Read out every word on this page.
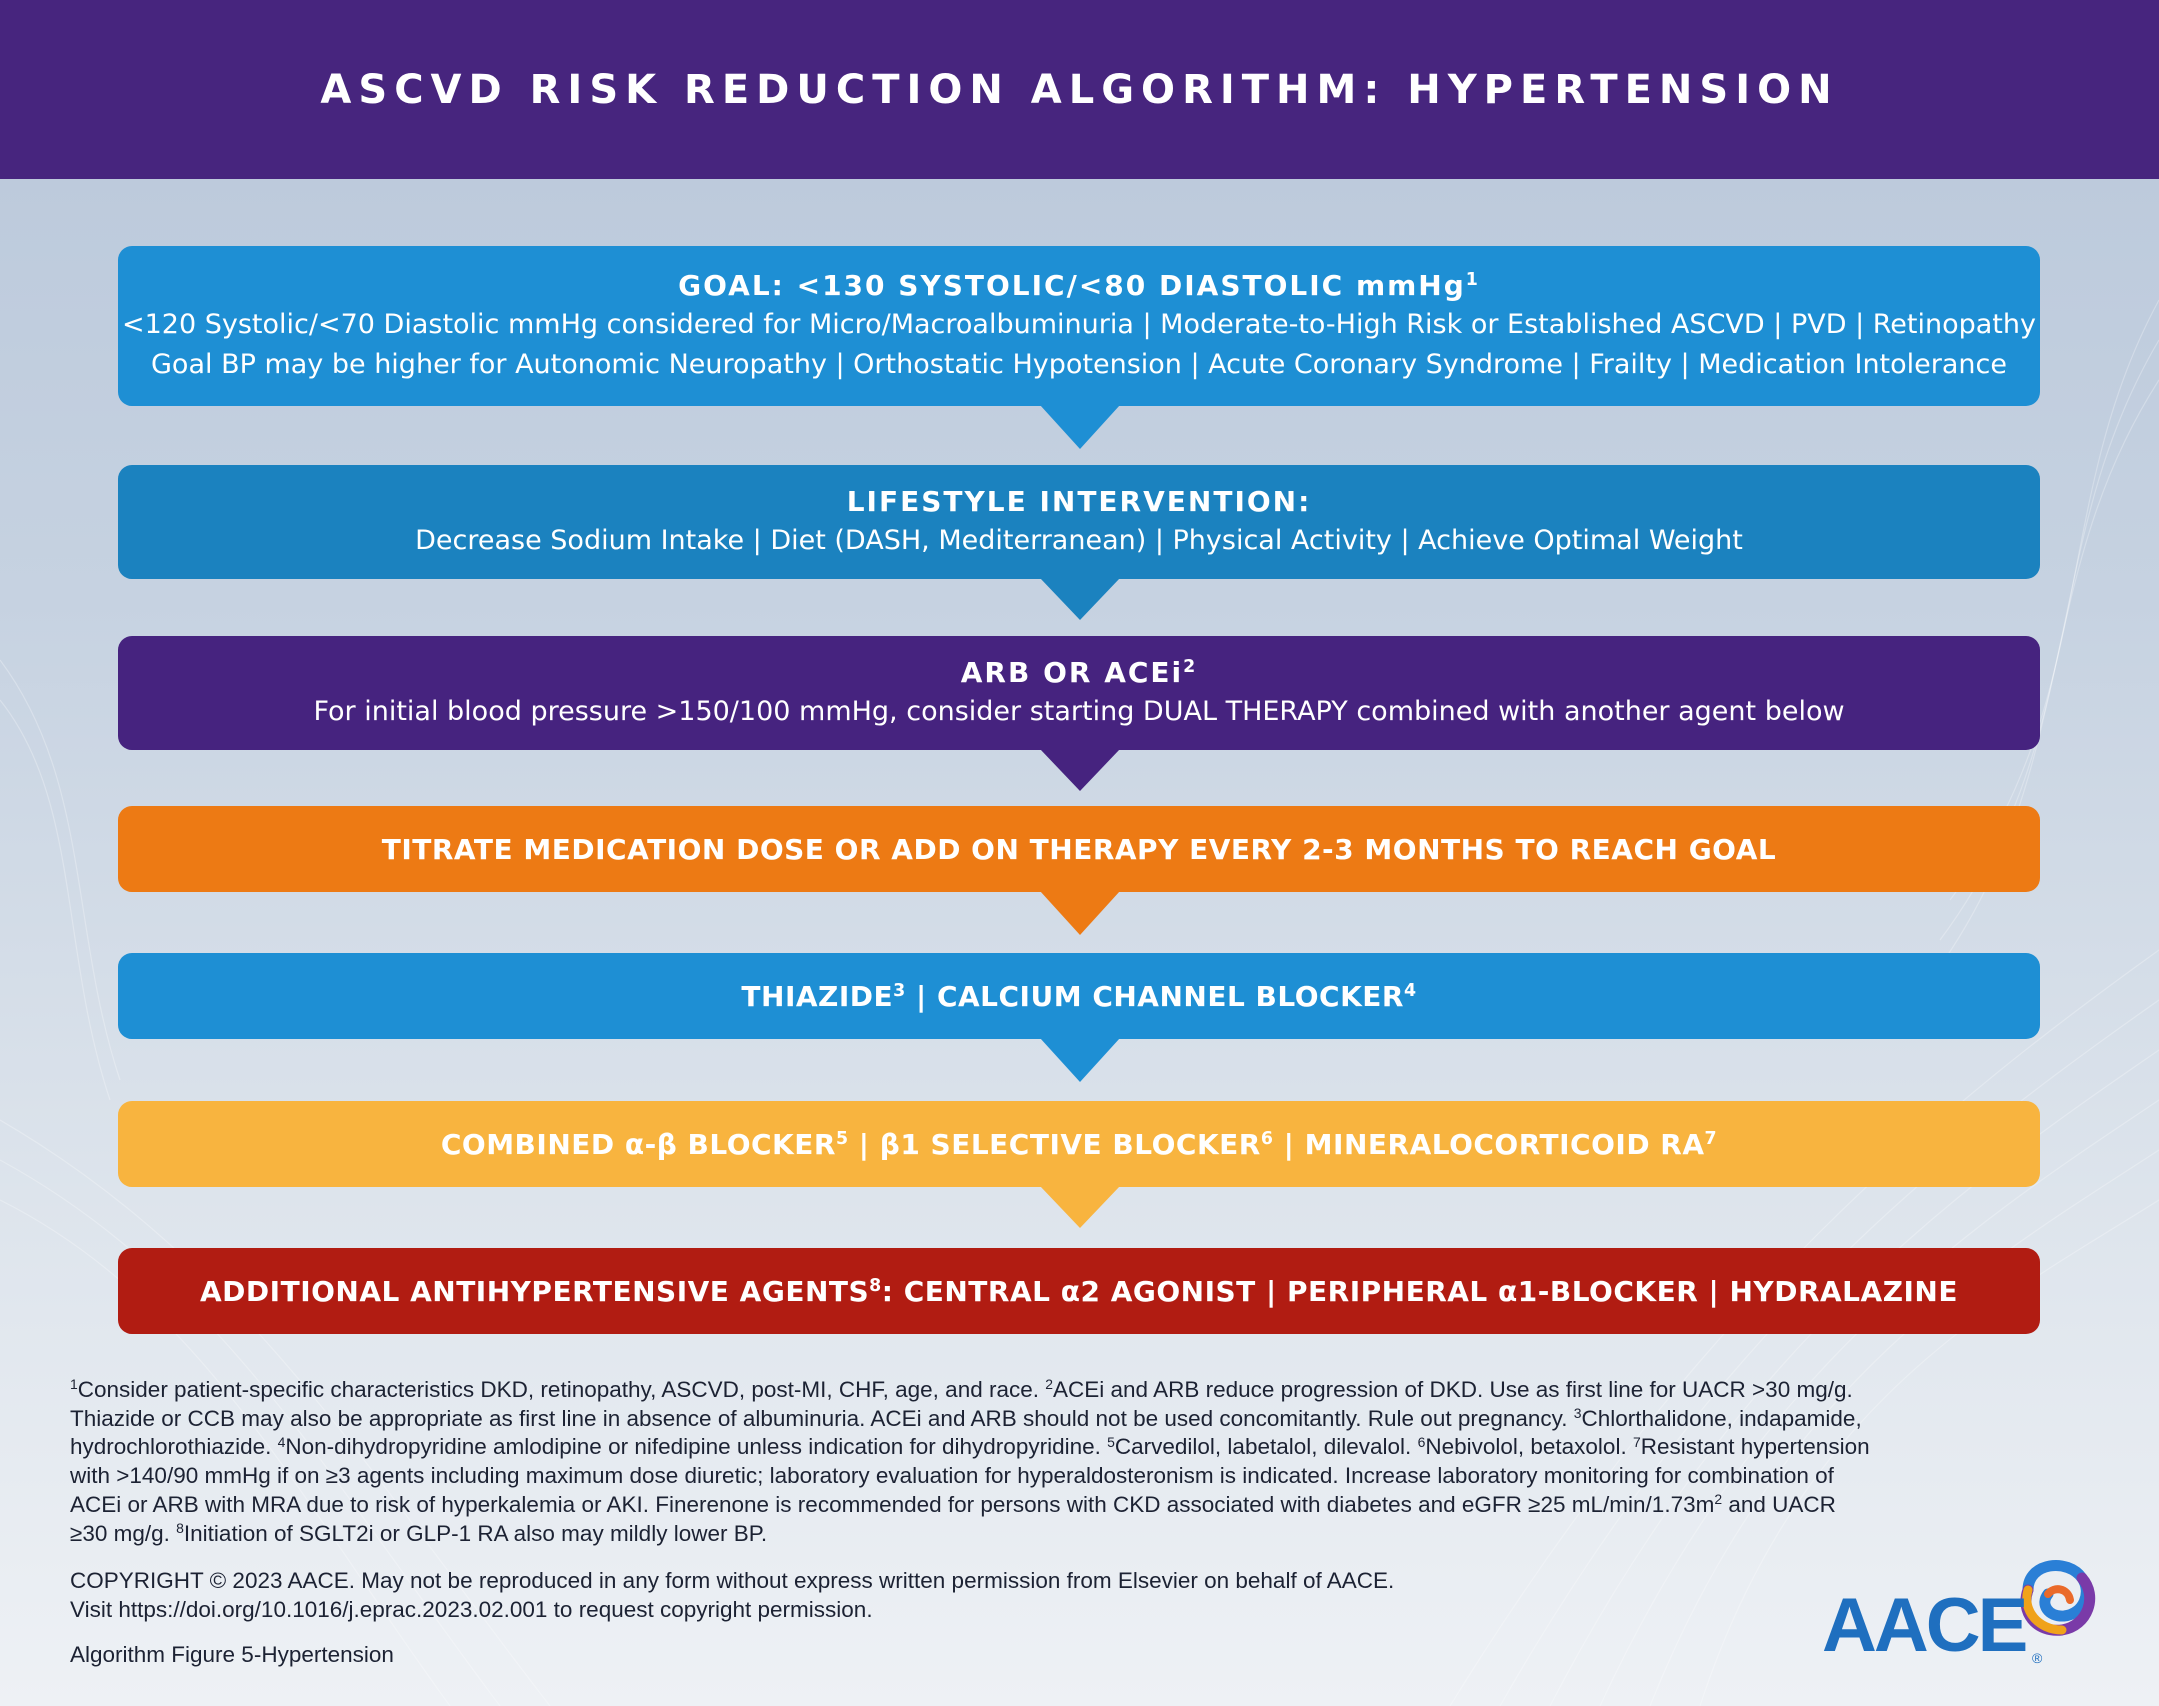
ASCVD RISK REDUCTION ALGORITHM: HYPERTENSION
GOAL: <130 SYSTOLIC/<80 DIASTOLIC mmHg$^1$
<120 Systolic/<70 Diastolic mmHg considered for Micro/Macroalbuminuria | Moderate-to-High Risk or Established ASCVD | PVD | Retinopathy
Goal BP may be higher for Autonomic Neuropathy | Orthostatic Hypotension | Acute Coronary Syndrome | Frailty | Medication Intolerance
LIFESTYLE INTERVENTION:
Decrease Sodium Intake | Diet (DASH, Mediterranean) | Physical Activity | Achieve Optimal Weight
ARB OR ACEi$^2$
For initial blood pressure >150/100 mmHg, consider starting DUAL THERAPY combined with another agent below
TITRATE MEDICATION DOSE OR ADD ON THERAPY EVERY 2-3 MONTHS TO REACH GOAL
THIAZIDE$^3$ | CALCIUM CHANNEL BLOCKER$^4$
COMBINED α-β BLOCKER$^5$ | β1 SELECTIVE BLOCKER$^6$ | MINERALOCORTICOID $RA^7$
ADDITIONAL ANTIHYPERTENSIVE AGENTS$^8$: CENTRAL α2 AGONIST | PERIPHERAL α1-BLOCKER | HYDRALAZINE
$^1$Consider patient-specific characteristics DKD, retinopathy, ASCVD, post-MI, CHF, age, and race. $^2$ACEi and ARB reduce progression of DKD. Use as first line for UACR >30 mg/g. Thiazide or CCB may also be appropriate as first line in absence of albuminuria. ACEi and ARB should not be used concomitantly. Rule out pregnancy. $^3$Chlorthalidone, indapamide, hydrochlorothiazide. $^4$Non-dihydropyridine amlodipine or nifedipine unless indication for dihydropyridine. $^5$Carvedilol, labetalol, dilevalol. $^6$Nebivolol, betaxolol. $^7$Resistant hypertension with >140/90 mmHg if on ≥3 agents including maximum dose diuretic; laboratory evaluation for hyperaldosteronism is indicated. Increase laboratory monitoring for combination of ACEi or ARB with MRA due to risk of hyperkalemia or AKI. Finerenone is recommended for persons with CKD associated with diabetes and eGFR ≥25 $mL/\min/1.73m^2$ and UACR ≥30 mg/g. $^8$Initiation of SGLT2i or GLP-1 RA also may mildly lower BP.
COPYRIGHT © 2023 AACE. May not be reproduced in any form without express written permission from Elsevier on behalf of AACE.
Visit https://doi.org/10.1016/j.eprac.2023.02.001 to request copyright permission.
Algorithm Figure 5-Hypertension	AACE ®
